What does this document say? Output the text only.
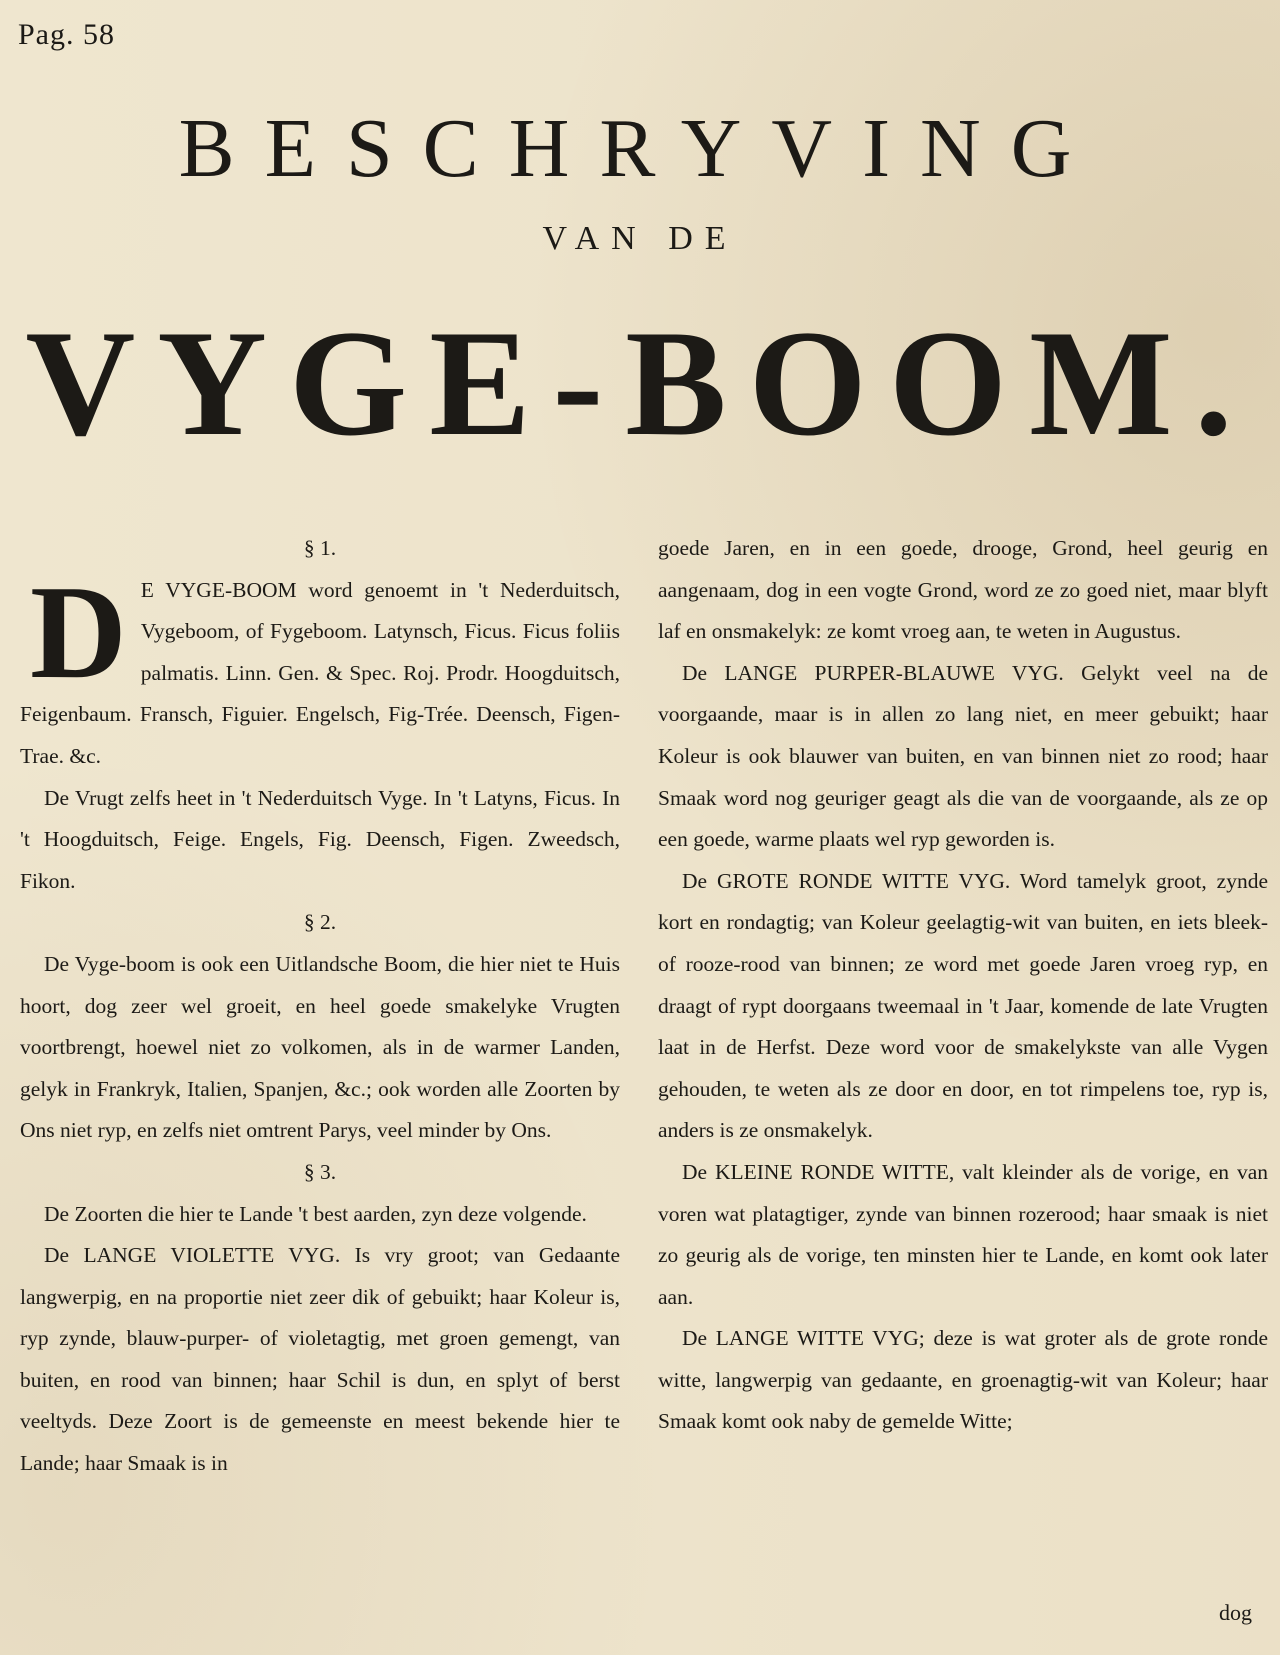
Pag. 58
BESCHRYVING
VAN DE
VYGE-BOOM.

§ 1.

D E VYGE-BOOM word genoemt in 't Nederduitsch, Vygeboom, of Fygeboom. Latynsch, Ficus. Ficus foliis palmatis. Linn. Gen. & Spec. Roj. Prodr. Hoogduitsch, Feigenbaum. Fransch, Figuier. Engelsch, Fig-Trée. Deensch, Figen-Trae. &c.

De Vrugt zelfs heet in 't Nederduitsch Vyge. In 't Latyns, Ficus. In 't Hoogduitsch, Feige. Engels, Fig. Deensch, Figen. Zweedsch, Fikon.

§ 2.

De Vyge-boom is ook een Uitlandsche Boom, die hier niet te Huis hoort, dog zeer wel groeit, en heel goede smakelyke Vrugten voortbrengt, hoewel niet zo volkomen, als in de warmer Landen, gelyk in Frankryk, Italien, Spanjen, &c.; ook worden alle Zoorten by Ons niet ryp, en zelfs niet omtrent Parys, veel minder by Ons.

§ 3.

De Zoorten die hier te Lande 't best aarden, zyn deze volgende.

De LANGE VIOLETTE VYG. Is vry groot; van Gedaante langwerpig, en na proportie niet zeer dik of gebuikt; haar Koleur is, ryp zynde, blauw-purper- of violetagtig, met groen gemengt, van buiten, en rood van binnen; haar Schil is dun, en splyt of berst veeltyds. Deze Zoort is de gemeenste en meest bekende hier te Lande; haar Smaak is in

goede Jaren, en in een goede, drooge, Grond, heel geurig en aangenaam, dog in een vogte Grond, word ze zo goed niet, maar blyft laf en onsmakelyk: ze komt vroeg aan, te weten in Augustus.

De LANGE PURPER-BLAUWE VYG. Gelykt veel na de voorgaande, maar is in allen zo lang niet, en meer gebuikt; haar Koleur is ook blauwer van buiten, en van binnen niet zo rood; haar Smaak word nog geuriger geagt als die van de voorgaande, als ze op een goede, warme plaats wel ryp geworden is.

De GROTE RONDE WITTE VYG. Word tamelyk groot, zynde kort en rondagtig; van Koleur geelagtig-wit van buiten, en iets bleek- of rooze-rood van binnen; ze word met goede Jaren vroeg ryp, en draagt of rypt doorgaans tweemaal in 't Jaar, komende de late Vrugten laat in de Herfst. Deze word voor de smakelykste van alle Vygen gehouden, te weten als ze door en door, en tot rimpelens toe, ryp is, anders is ze onsmakelyk.

De KLEINE RONDE WITTE, valt kleinder als de vorige, en van voren wat platagtiger, zynde van binnen rozerood; haar smaak is niet zo geurig als de vorige, ten minsten hier te Lande, en komt ook later aan.

De LANGE WITTE VYG; deze is wat groter als de grote ronde witte, langwerpig van gedaante, en groenagtig-wit van Koleur; haar Smaak komt ook naby de gemelde Witte;

dog
